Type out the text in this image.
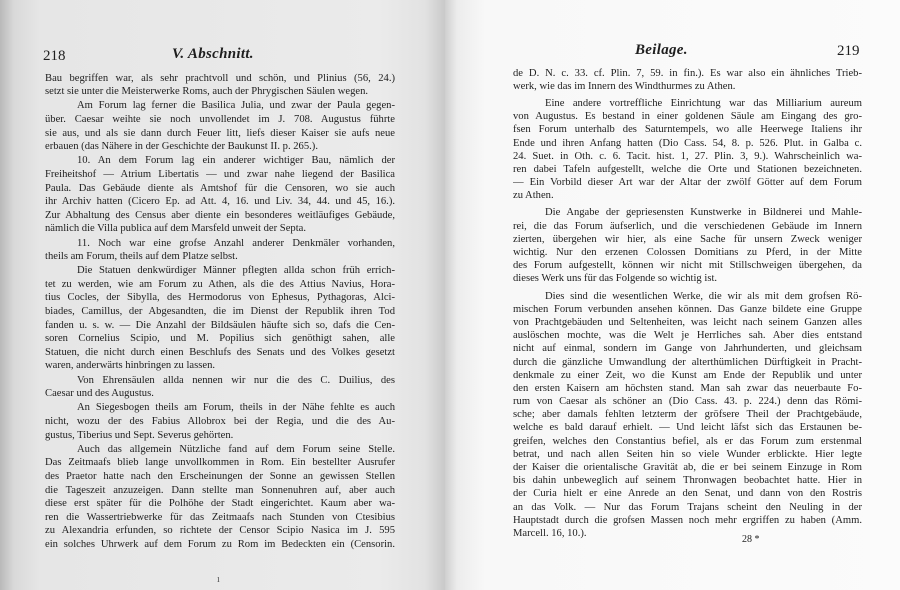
218	V. Abschnitt.
Bau begriffen war, als sehr prachtvoll und schön, und Plinius (56, 24.)
setzt sie unter die Meisterwerke Roms, auch der Phrygischen Säulen wegen.
Am Forum lag ferner die Basilica Julia, und zwar der Paula gegen-
über. Caesar weihte sie noch unvollendet im J. 708. Augustus führte
sie aus, und als sie dann durch Feuer litt, liefs dieser Kaiser sie aufs neue
erbauen (das Nähere in der Geschichte der Baukunst II. p. 265.).
10. An dem Forum lag ein anderer wichtiger Bau, nämlich der
Freiheitshof — Atrium Libertatis — und zwar nahe liegend der Basilica
Paula. Das Gebäude diente als Amtshof für die Censoren, wo sie auch
ihr Archiv hatten (Cicero Ep. ad Att. 4, 16. und Liv. 34, 44. und 45, 16.).
Zur Abhaltung des Census aber diente ein besonderes weitläufiges Gebäude,
nämlich die Villa publica auf dem Marsfeld unweit der Septa.
11. Noch war eine grofse Anzahl anderer Denkmäler vorhanden,
theils am Forum, theils auf dem Platze selbst.
Die Statuen denkwürdiger Männer pflegten allda schon früh errich-
tet zu werden, wie am Forum zu Athen, als die des Attius Navius, Hora-
tius Cocles, der Sibylla, des Hermodorus von Ephesus, Pythagoras, Alci-
biades, Camillus, der Abgesandten, die im Dienst der Republik ihren Tod
fanden u. s. w. — Die Anzahl der Bildsäulen häufte sich so, dafs die Cen-
soren Cornelius Scipio, und M. Popilius sich genöthigt sahen, alle
Statuen, die nicht durch einen Beschlufs des Senats und des Volkes gesetzt
waren, anderwärts hinbringen zu lassen.
Von Ehrensäulen allda nennen wir nur die des C. Duilius, des
Caesar und des Augustus.
An Siegesbogen theils am Forum, theils in der Nähe fehlte es auch
nicht, wozu der des Fabius Allobrox bei der Regia, und die des Au-
gustus, Tiberius und Sept. Severus gehörten.
Auch das allgemein Nützliche fand auf dem Forum seine Stelle.
Das Zeitmaafs blieb lange unvollkommen in Rom. Ein bestellter Ausrufer
des Praetor hatte nach den Erscheinungen der Sonne an gewissen Stellen
die Tageszeit anzuzeigen. Dann stellte man Sonnenuhren auf, aber auch
diese erst später für die Polhöhe der Stadt eingerichtet. Kaum aber wa-
ren die Wassertriebwerke für das Zeitmaafs nach Stunden von Ctesibius
zu Alexandria erfunden, so richtete der Censor Scipio Nasica im J. 595
ein solches Uhrwerk auf dem Forum zu Rom im Bedeckten ein (Censorin.
ı
Beilage.	219
de D. N. c. 33. cf. Plin. 7, 59. in fin.). Es war also ein ähnliches Trieb-
werk, wie das im Innern des Windthurmes zu Athen.
Eine andere vortreffliche Einrichtung war das Milliarium aureum
von Augustus. Es bestand in einer goldenen Säule am Eingang des gro-
fsen Forum unterhalb des Saturntempels, wo alle Heerwege Italiens ihr
Ende und ihren Anfang hatten (Dio Cass. 54, 8. p. 526. Plut. in Galba c.
24. Suet. in Oth. c. 6. Tacit. hist. 1, 27. Plin. 3, 9.). Wahrscheinlich wa-
ren dabei Tafeln aufgestellt, welche die Orte und Stationen bezeichneten.
— Ein Vorbild dieser Art war der Altar der zwölf Götter auf dem Forum
zu Athen.
Die Angabe der gepriesensten Kunstwerke in Bildnerei und Mahle-
rei, die das Forum äufserlich, und die verschiedenen Gebäude im Innern
zierten, übergehen wir hier, als eine Sache für unsern Zweck weniger
wichtig. Nur den erzenen Colossen Domitians zu Pferd, in der Mitte
des Forum aufgestellt, können wir nicht mit Stillschweigen übergehen, da
dieses Werk uns für das Folgende so wichtig ist.
Dies sind die wesentlichen Werke, die wir als mit dem grofsen Rö-
mischen Forum verbunden ansehen können. Das Ganze bildete eine Gruppe
von Prachtgebäuden und Seltenheiten, was leicht nach seinem Ganzen alles
auslöschen mochte, was die Welt je Herrliches sah. Aber dies entstand
nicht auf einmal, sondern im Gange von Jahrhunderten, und gleichsam
durch die gänzliche Umwandlung der alterthümlichen Dürftigkeit in Pracht-
denkmale zu einer Zeit, wo die Kunst am Ende der Republik und unter
den ersten Kaisern am höchsten stand. Man sah zwar das neuerbaute Fo-
rum von Caesar als schöner an (Dio Cass. 43. p. 224.) denn das Römi-
sche; aber damals fehlten letzterm der gröfsere Theil der Prachtgebäude,
welche es bald darauf erhielt. — Und leicht läfst sich das Erstaunen be-
greifen, welches den Constantius befiel, als er das Forum zum erstenmal
betrat, und nach allen Seiten hin so viele Wunder erblickte. Hier legte
der Kaiser die orientalische Gravität ab, die er bei seinem Einzuge in Rom
bis dahin unbeweglich auf seinem Thronwagen beobachtet hatte. Hier in
der Curia hielt er eine Anrede an den Senat, und dann von den Rostris
an das Volk. — Nur das Forum Trajans scheint den Neuling in der
Hauptstadt durch die grofsen Massen noch mehr ergriffen zu haben (Amm.
Marcell. 16, 10.).
28 *
